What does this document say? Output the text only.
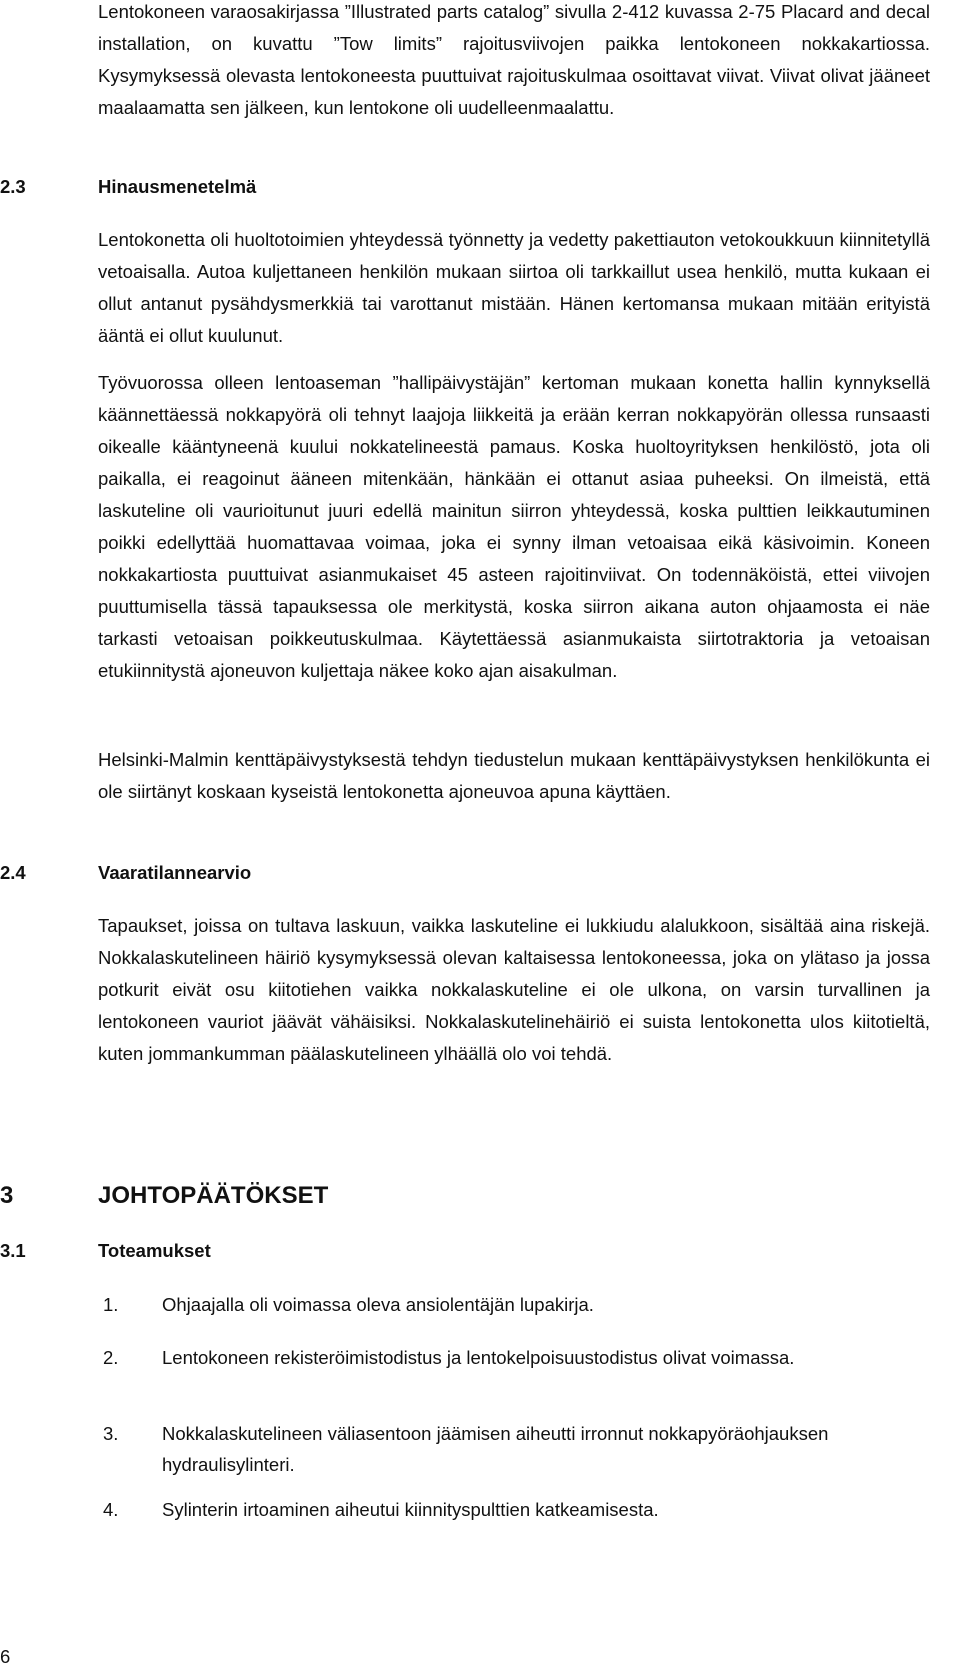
Lentokoneen varaosakirjassa ”Illustrated parts catalog” sivulla 2-412 kuvassa 2-75 Placard and decal installation, on kuvattu ”Tow limits” rajoitusviivojen paikka lentokoneen nokkakartiossa. Kysymyksessä olevasta lentokoneesta puuttuivat rajoituskulmaa osoittavat viivat. Viivat olivat jääneet maalaamatta sen jälkeen, kun lentokone oli uudelleenmaalattu.

2.3	Hinausmenetelmä

Lentokonetta oli huoltotoimien yhteydessä työnnetty ja vedetty pakettiauton vetokoukkuun kiinnitetyllä vetoaisalla. Autoa kuljettaneen henkilön mukaan siirtoa oli tarkkaillut usea henkilö, mutta kukaan ei ollut antanut pysähdysmerkkiä tai varottanut mistään. Hänen kertomansa mukaan mitään erityistä ääntä ei ollut kuulunut.

Työvuorossa olleen lentoaseman ”hallipäivystäjän” kertoman mukaan konetta hallin kynnyksellä käännettäessä nokkapyörä oli tehnyt laajoja liikkeitä ja erään kerran nokkapyörän ollessa runsaasti oikealle kääntyneenä kuului nokkatelineestä pamaus. Koska huoltoyrityksen henkilöstö, jota oli paikalla, ei reagoinut ääneen mitenkään, hänkään ei ottanut asiaa puheeksi. On ilmeistä, että laskuteline oli vaurioitunut juuri edellä mainitun siirron yhteydessä, koska pulttien leikkautuminen poikki edellyttää huomattavaa voimaa, joka ei synny ilman vetoaisaa eikä käsivoimin. Koneen nokkakartiosta puuttuivat asianmukaiset 45 asteen rajoitinviivat. On todennäköistä, ettei viivojen puuttumisella tässä tapauksessa ole merkitystä, koska siirron aikana auton ohjaamosta ei näe tarkasti vetoaisan poikkeutuskulmaa. Käytettäessä asianmukaista siirtotraktoria ja vetoaisan etukiinnitystä ajoneuvon kuljettaja näkee koko ajan aisakulman.

Helsinki-Malmin kenttäpäivystyksestä tehdyn tiedustelun mukaan kenttäpäivystyksen henkilökunta ei ole siirtänyt koskaan kyseistä lentokonetta ajoneuvoa apuna käyttäen.

2.4	Vaaratilannearvio

Tapaukset, joissa on tultava laskuun, vaikka laskuteline ei lukkiudu alalukkoon, sisältää aina riskejä. Nokkalaskutelineen häiriö kysymyksessä olevan kaltaisessa lentokoneessa, joka on ylätaso ja jossa potkurit eivät osu kiitotiehen vaikka nokkalaskuteline ei ole ulkona, on varsin turvallinen ja lentokoneen vauriot jäävät vähäisiksi. Nokkalaskutelinehäiriö ei suista lentokonetta ulos kiitotieltä, kuten jommankumman päälaskutelineen ylhäällä olo voi tehdä.

3	JOHTOPÄÄTÖKSET
3.1	Toteamukset
1. Ohjaajalla oli voimassa oleva ansiolentäjän lupakirja.

2. Lentokoneen rekisteröimistodistus ja lentokelpoisuustodistus olivat voimassa.

3. Nokkalaskutelineen väliasentoon jäämisen aiheutti irronnut nokkapyöräohjauksen hydraulisylinteri.

4. Sylinterin irtoaminen aiheutui kiinnityspulttien katkeamisesta.

6
